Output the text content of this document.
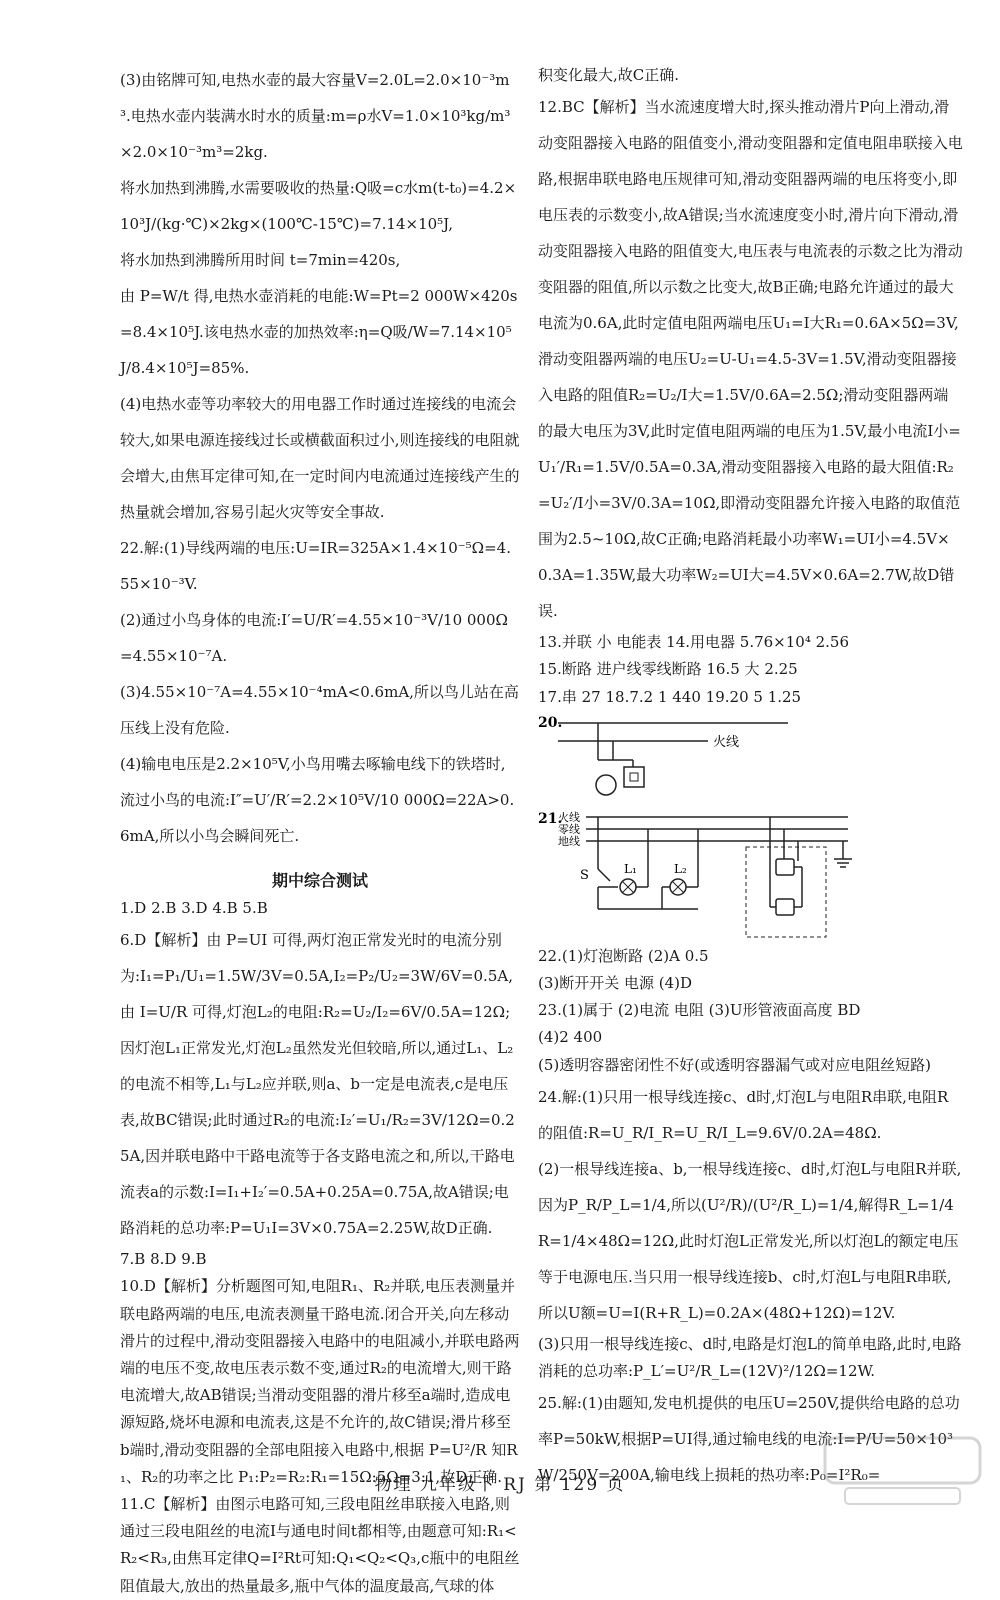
(3)由铭牌可知,电热水壶的最大容量V=2.0L=2.0×10⁻³m³.电热水壶内装满水时水的质量:m=ρ水V=1.0×10³kg/m³×2.0×10⁻³m³=2kg.

将水加热到沸腾,水需要吸收的热量:Q吸=c水m(t-t₀)=4.2×10³J/(kg·℃)×2kg×(100℃-15℃)=7.14×10⁵J,

将水加热到沸腾所用时间 t=7min=420s,

由 P=W/t 得,电热水壶消耗的电能:W=Pt=2 000W×420s=8.4×10⁵J.该电热水壶的加热效率:η=Q吸/W=7.14×10⁵J/8.4×10⁵J=85%.

(4)电热水壶等功率较大的用电器工作时通过连接线的电流会较大,如果电源连接线过长或横截面积过小,则连接线的电阻就会增大,由焦耳定律可知,在一定时间内电流通过连接线产生的热量就会增加,容易引起火灾等安全事故.

22.解:(1)导线两端的电压:U=IR=325A×1.4×10⁻⁵Ω=4.55×10⁻³V.

(2)通过小鸟身体的电流:I′=U/R′=4.55×10⁻³V/10 000Ω=4.55×10⁻⁷A.

(3)4.55×10⁻⁷A=4.55×10⁻⁴mA<0.6mA,所以鸟儿站在高压线上没有危险.

(4)输电电压是2.2×10⁵V,小鸟用嘴去啄输电线下的铁塔时,流过小鸟的电流:I″=U′/R′=2.2×10⁵V/10 000Ω=22A>0.6mA,所以小鸟会瞬间死亡.

期中综合测试

1.D 2.B 3.D 4.B 5.B

6.D【解析】由 P=UI 可得,两灯泡正常发光时的电流分别为:I₁=P₁/U₁=1.5W/3V=0.5A,I₂=P₂/U₂=3W/6V=0.5A,由 I=U/R 可得,灯泡L₂的电阻:R₂=U₂/I₂=6V/0.5A=12Ω;因灯泡L₁正常发光,灯泡L₂虽然发光但较暗,所以,通过L₁、L₂的电流不相等,L₁与L₂应并联,则a、b一定是电流表,c是电压表,故BC错误;此时通过R₂的电流:I₂′=U₁/R₂=3V/12Ω=0.25A,因并联电路中干路电流等于各支路电流之和,所以,干路电流表a的示数:I=I₁+I₂′=0.5A+0.25A=0.75A,故A错误;电路消耗的总功率:P=U₁I=3V×0.75A=2.25W,故D正确.

7.B 8.D 9.B

10.D【解析】分析题图可知,电阻R₁、R₂并联,电压表测量并联电路两端的电压,电流表测量干路电流.闭合开关,向左移动滑片的过程中,滑动变阻器接入电路中的电阻减小,并联电路两端的电压不变,故电压表示数不变,通过R₂的电流增大,则干路电流增大,故AB错误;当滑动变阻器的滑片移至a端时,造成电源短路,烧坏电源和电流表,这是不允许的,故C错误;滑片移至b端时,滑动变阻器的全部电阻接入电路中,根据 P=U²/R 知R₁、R₂的功率之比 P₁:P₂=R₂:R₁=15Ω:5Ω=3:1,故D正确.

11.C【解析】由图示电路可知,三段电阻丝串联接入电路,则通过三段电阻丝的电流I与通电时间t都相等,由题意可知:R₁<R₂<R₃,由焦耳定律Q=I²Rt可知:Q₁<Q₂<Q₃,c瓶中的电阻丝阻值最大,放出的热量最多,瓶中气体的温度最高,气球的体

积变化最大,故C正确.

12.BC【解析】当水流速度增大时,探头推动滑片P向上滑动,滑动变阻器接入电路的阻值变小,滑动变阻器和定值电阻串联接入电路,根据串联电路电压规律可知,滑动变阻器两端的电压将变小,即电压表的示数变小,故A错误;当水流速度变小时,滑片向下滑动,滑动变阻器接入电路的阻值变大,电压表与电流表的示数之比为滑动变阻器的阻值,所以示数之比变大,故B正确;电路允许通过的最大电流为0.6A,此时定值电阻两端电压U₁=I大R₁=0.6A×5Ω=3V,滑动变阻器两端的电压U₂=U-U₁=4.5-3V=1.5V,滑动变阻器接入电路的阻值R₂=U₂/I大=1.5V/0.6A=2.5Ω;滑动变阻器两端的最大电压为3V,此时定值电阻两端的电压为1.5V,最小电流I小=U₁′/R₁=1.5V/0.5A=0.3A,滑动变阻器接入电路的最大阻值:R₂=U₂′/I小=3V/0.3A=10Ω,即滑动变阻器允许接入电路的取值范围为2.5~10Ω,故C正确;电路消耗最小功率W₁=UI小=4.5V×0.3A=1.35W,最大功率W₂=UI大=4.5V×0.6A=2.7W,故D错误.

13.并联 小 电能表 14.用电器 5.76×10⁴ 2.56

15.断路 进户线零线断路 16.5 大 2.25

17.串 27 18.7.2 1 440 19.20 5 1.25

20.
火线
21.
火线
零线
地线
S	L₁	L₂

22.(1)灯泡断路 (2)A 0.5

(3)断开开关 电源 (4)D

23.(1)属于 (2)电流 电阻 (3)U形管液面高度 BD

(4)2 400

(5)透明容器密闭性不好(或透明容器漏气或对应电阻丝短路)

24.解:(1)只用一根导线连接c、d时,灯泡L与电阻R串联,电阻R的阻值:R=U_R/I_R=U_R/I_L=9.6V/0.2A=48Ω.

(2)一根导线连接a、b,一根导线连接c、d时,灯泡L与电阻R并联,因为P_R/P_L=1/4,所以(U²/R)/(U²/R_L)=1/4,解得R_L=1/4R=1/4×48Ω=12Ω,此时灯泡L正常发光,所以灯泡L的额定电压等于电源电压.当只用一根导线连接b、c时,灯泡L与电阻R串联,所以U额=U=I(R+R_L)=0.2A×(48Ω+12Ω)=12V.

(3)只用一根导线连接c、d时,电路是灯泡L的简单电路,此时,电路消耗的总功率:P_L′=U²/R_L=(12V)²/12Ω=12W.

25.解:(1)由题知,发电机提供的电压U=250V,提供给电路的总功率P=50kW,根据P=UI得,通过输电线的电流:I=P/U=50×10³W/250V=200A,输电线上损耗的热功率:P₀=I²R₀=

物理 九年级下 RJ 第 129 页
